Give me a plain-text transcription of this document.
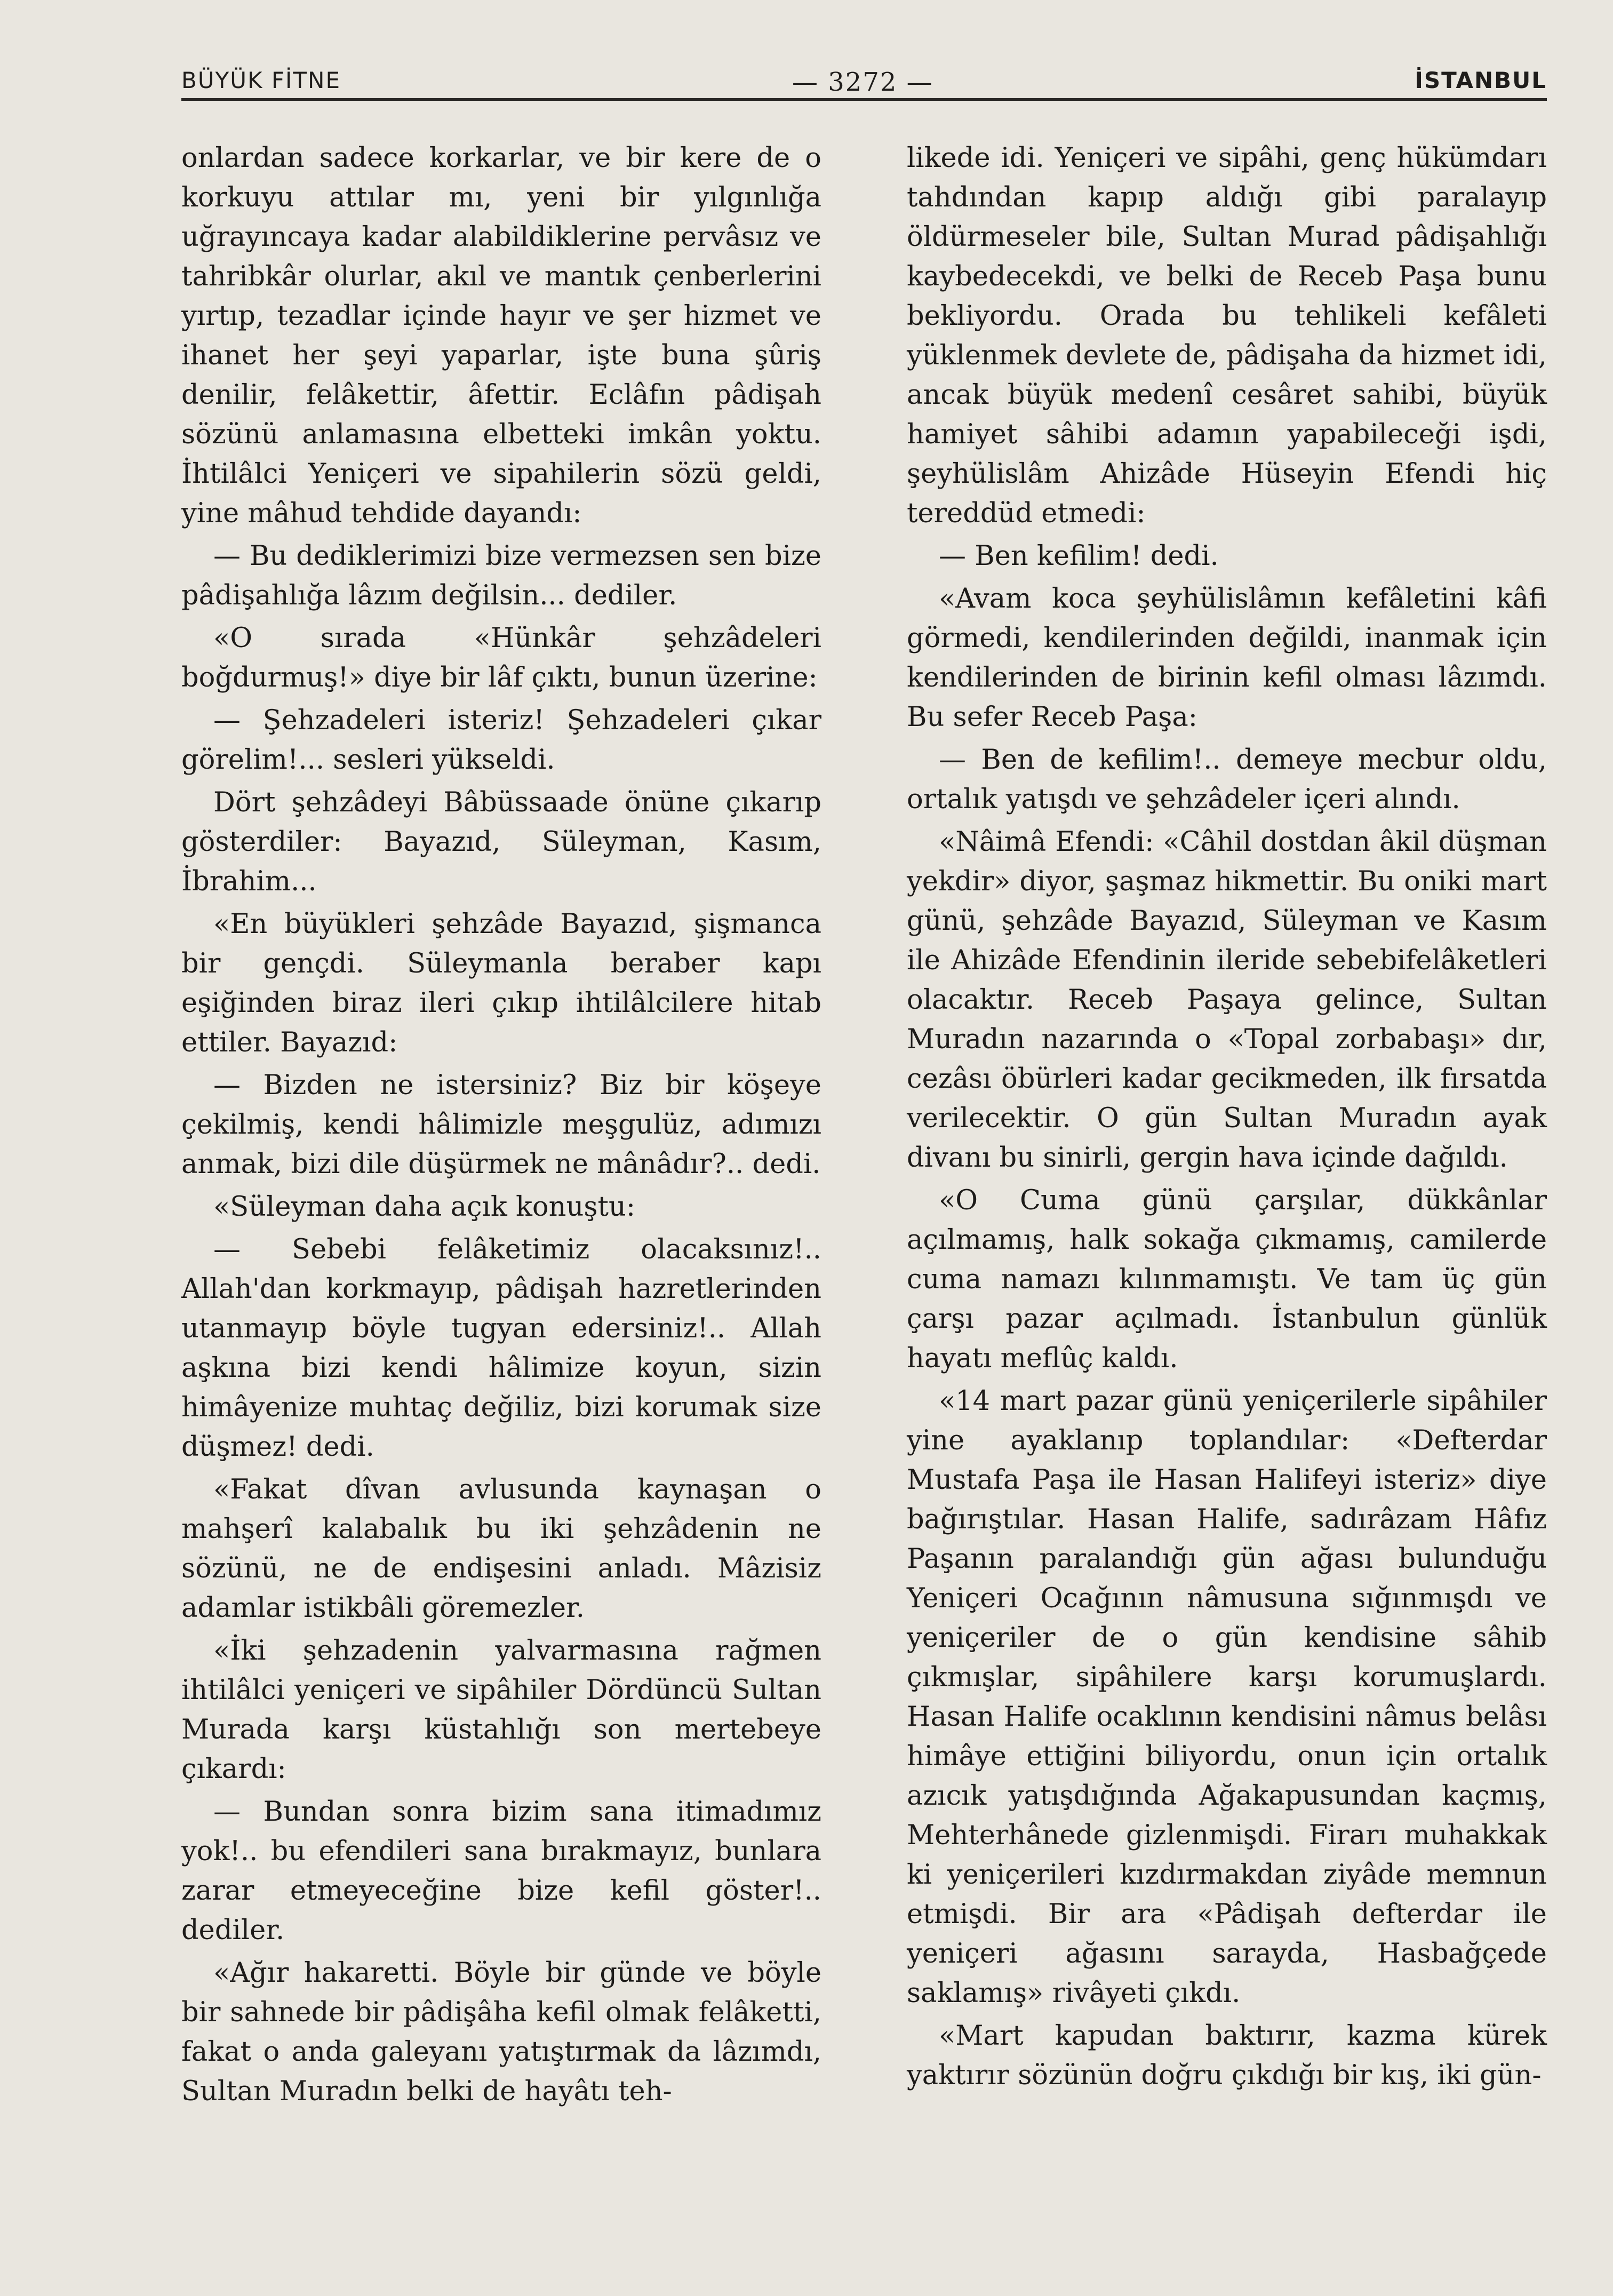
BÜYÜK FİTNE	— 3272 —	İSTANBUL

onlardan sadece korkarlar, ve bir kere de o korkuyu attılar mı, yeni bir yılgınlığa uğrayıncaya kadar alabildiklerine pervâsız ve tahribkâr olurlar, akıl ve mantık çenberlerini yırtıp, tezadlar içinde hayır ve şer hizmet ve ihanet her şeyi yaparlar, işte buna şûriş denilir, felâkettir, âfettir. Eclâfın pâdişah sözünü anlamasına elbetteki imkân yoktu. İhtilâlci Yeniçeri ve sipahilerin sözü geldi, yine mâhud tehdide dayandı:

— Bu dediklerimizi bize vermezsen sen bize pâdişahlığa lâzım değilsin... dediler.

«O sırada «Hünkâr şehzâdeleri boğdurmuş!» diye bir lâf çıktı, bunun üzerine:

— Şehzadeleri isteriz! Şehzadeleri çıkar görelim!... sesleri yükseldi.

Dört şehzâdeyi Bâbüssaade önüne çıkarıp gösterdiler: Bayazıd, Süleyman, Kasım, İbrahim...

«En büyükleri şehzâde Bayazıd, şişmanca bir gençdi. Süleymanla beraber kapı eşiğinden biraz ileri çıkıp ihtilâlcilere hitab ettiler. Bayazıd:

— Bizden ne istersiniz? Biz bir köşeye çekilmiş, kendi hâlimizle meşgulüz, adımızı anmak, bizi dile düşürmek ne mânâdır?.. dedi.

«Süleyman daha açık konuştu:

— Sebebi felâketimiz olacaksınız!.. Allah'dan korkmayıp, pâdişah hazretlerinden utanmayıp böyle tugyan edersiniz!.. Allah aşkına bizi kendi hâlimize koyun, sizin himâyenize muhtaç değiliz, bizi korumak size düşmez! dedi.

«Fakat dîvan avlusunda kaynaşan o mahşerî kalabalık bu iki şehzâdenin ne sözünü, ne de endişesini anladı. Mâzisiz adamlar istikbâli göremezler.

«İki şehzadenin yalvarmasına rağmen ihtilâlci yeniçeri ve sipâhiler Dördüncü Sultan Murada karşı küstahlığı son mertebeye çıkardı:

— Bundan sonra bizim sana itimadımız yok!.. bu efendileri sana bırakmayız, bunlara zarar etmeyeceğine bize kefil göster!.. dediler.

«Ağır hakaretti. Böyle bir günde ve böyle bir sahnede bir pâdişâha kefil olmak felâketti, fakat o anda galeyanı yatıştırmak da lâzımdı, Sultan Muradın belki de hayâtı teh-

likede idi. Yeniçeri ve sipâhi, genç hükümdarı tahdından kapıp aldığı gibi paralayıp öldürmeseler bile, Sultan Murad pâdişahlığı kaybedecekdi, ve belki de Receb Paşa bunu bekliyordu. Orada bu tehlikeli kefâleti yüklenmek devlete de, pâdişaha da hizmet idi, ancak büyük medenî cesâret sahibi, büyük hamiyet sâhibi adamın yapabileceği işdi, şeyhülislâm Ahizâde Hüseyin Efendi hiç tereddüd etmedi:

— Ben kefilim! dedi.

«Avam koca şeyhülislâmın kefâletini kâfi görmedi, kendilerinden değildi, inanmak için kendilerinden de birinin kefil olması lâzımdı. Bu sefer Receb Paşa:

— Ben de kefilim!.. demeye mecbur oldu, ortalık yatışdı ve şehzâdeler içeri alındı.

«Nâimâ Efendi: «Câhil dostdan âkil düşman yekdir» diyor, şaşmaz hikmettir. Bu oniki mart günü, şehzâde Bayazıd, Süleyman ve Kasım ile Ahizâde Efendinin ileride sebebifelâketleri olacaktır. Receb Paşaya gelince, Sultan Muradın nazarında o «Topal zorbabaşı» dır, cezâsı öbürleri kadar gecikmeden, ilk fırsatda verilecektir. O gün Sultan Muradın ayak divanı bu sinirli, gergin hava içinde dağıldı.

«O Cuma günü çarşılar, dükkânlar açılmamış, halk sokağa çıkmamış, camilerde cuma namazı kılınmamıştı. Ve tam üç gün çarşı pazar açılmadı. İstanbulun günlük hayatı meflûç kaldı.

«14 mart pazar günü yeniçerilerle sipâhiler yine ayaklanıp toplandılar: «Defterdar Mustafa Paşa ile Hasan Halifeyi isteriz» diye bağırıştılar. Hasan Halife, sadırâzam Hâfız Paşanın paralandığı gün ağası bulunduğu Yeniçeri Ocağının nâmusuna sığınmışdı ve yeniçeriler de o gün kendisine sâhib çıkmışlar, sipâhilere karşı korumuşlardı. Hasan Halife ocaklının kendisini nâmus belâsı himâye ettiğini biliyordu, onun için ortalık azıcık yatışdığında Ağakapusundan kaçmış, Mehterhânede gizlenmişdi. Firarı muhakkak ki yeniçerileri kızdırmakdan ziyâde memnun etmişdi. Bir ara «Pâdişah defterdar ile yeniçeri ağasını sarayda, Hasbağçede saklamış» rivâyeti çıkdı.

«Mart kapudan baktırır, kazma kürek yaktırır sözünün doğru çıkdığı bir kış, iki gün-
